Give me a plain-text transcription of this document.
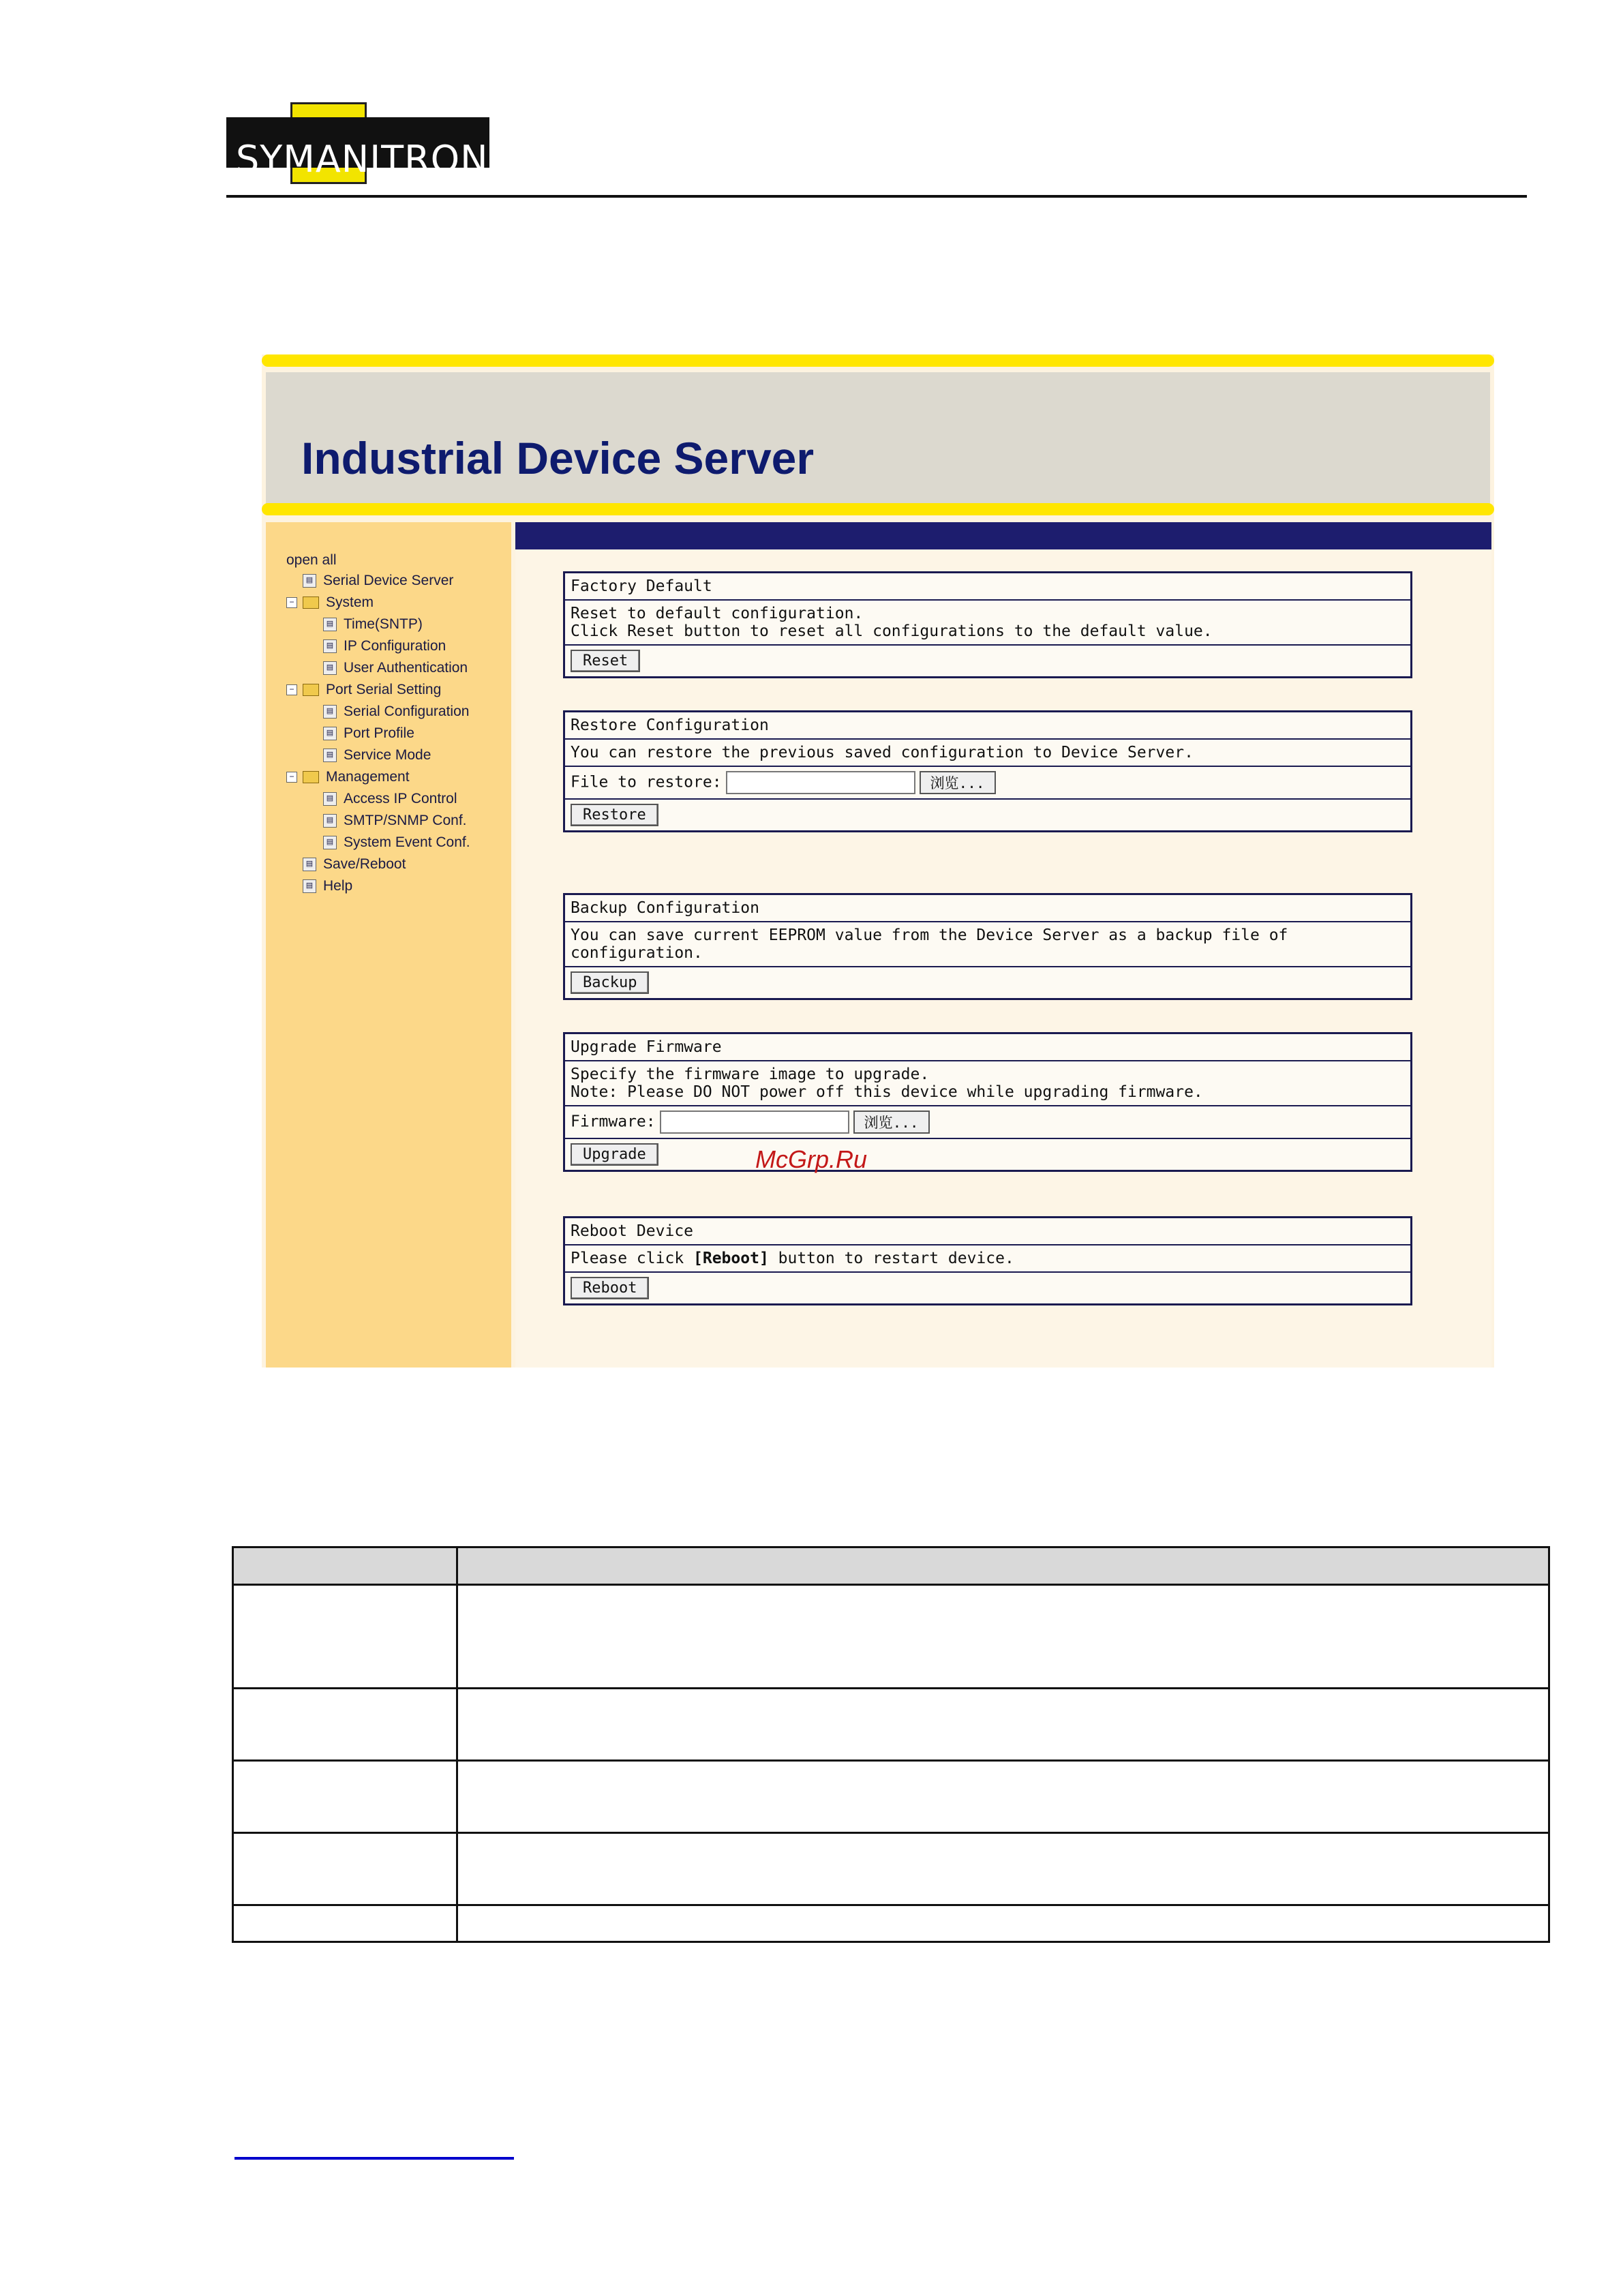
SYMANITRON
Industrial Device Server
open all
▤ Serial Device Server
− System
▤ Time(SNTP)
▤ IP Configuration
▤ User Authentication
− Port Serial Setting
▤ Serial Configuration
▤ Port Profile
▤ Service Mode
− Management
▤ Access IP Control
▤ SMTP/SNMP Conf.
▤ System Event Conf.
▤ Save/Reboot
▤ Help
Factory Default
Reset to default configuration.
Click Reset button to reset all configurations to the default value.
Reset
Restore Configuration
You can restore the previous saved configuration to Device Server.
File to restore:	浏览...
Restore
Backup Configuration
You can save current EEPROM value from the Device Server as a backup file of configuration.
Backup
Upgrade Firmware
Specify the firmware image to upgrade.
Note: Please DO NOT power off this device while upgrading firmware.
Firmware:	浏览...
Upgrade
Reboot Device
Please click [Reboot] button to restart device.
Reboot
McGrp.Ru
